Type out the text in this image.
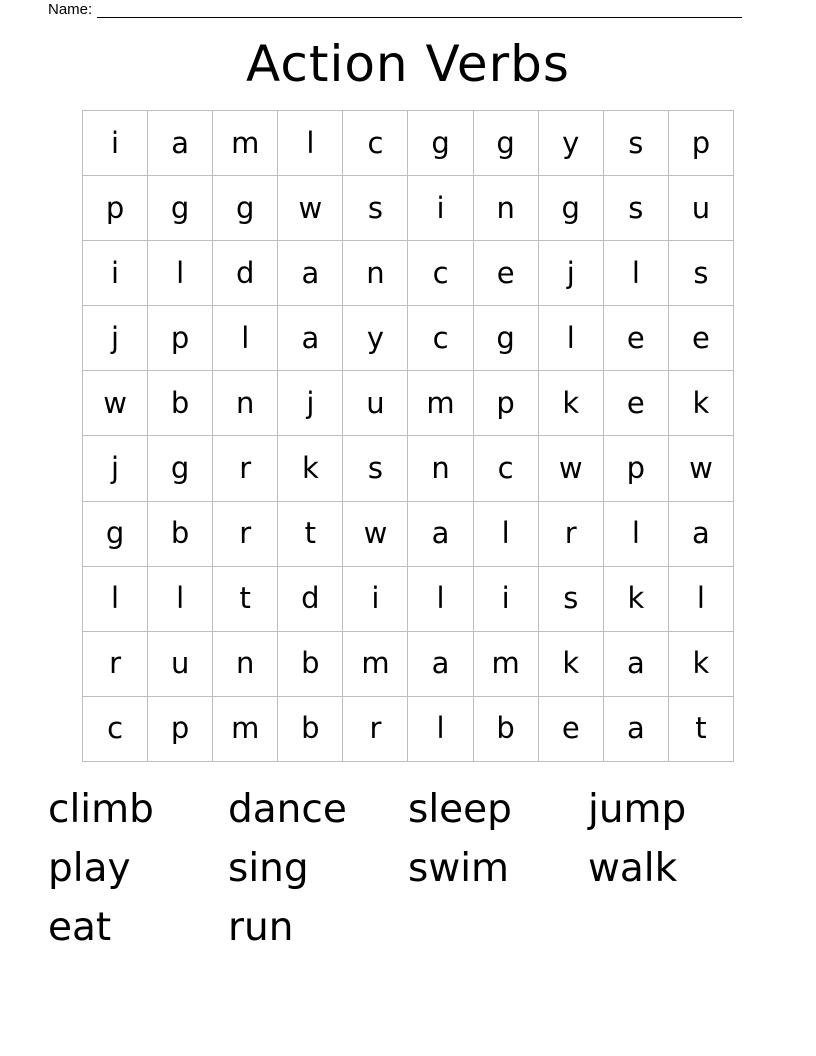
Name:
Action Verbs
i	a	m	l	c	g	g	y	s	p
p	g	g	w	s	i	n	g	s	u
i	l	d	a	n	c	e	j	l	s
j	p	l	a	y	c	g	l	e	e
w	b	n	j	u	m	p	k	e	k
j	g	r	k	s	n	c	w	p	w
g	b	r	t	w	a	l	r	l	a
l	l	t	d	i	l	i	s	k	l
r	u	n	b	m	a	m	k	a	k
c	p	m	b	r	l	b	e	a	t
climb	dance	sleep	jump
play	sing	swim	walk
eat	run
